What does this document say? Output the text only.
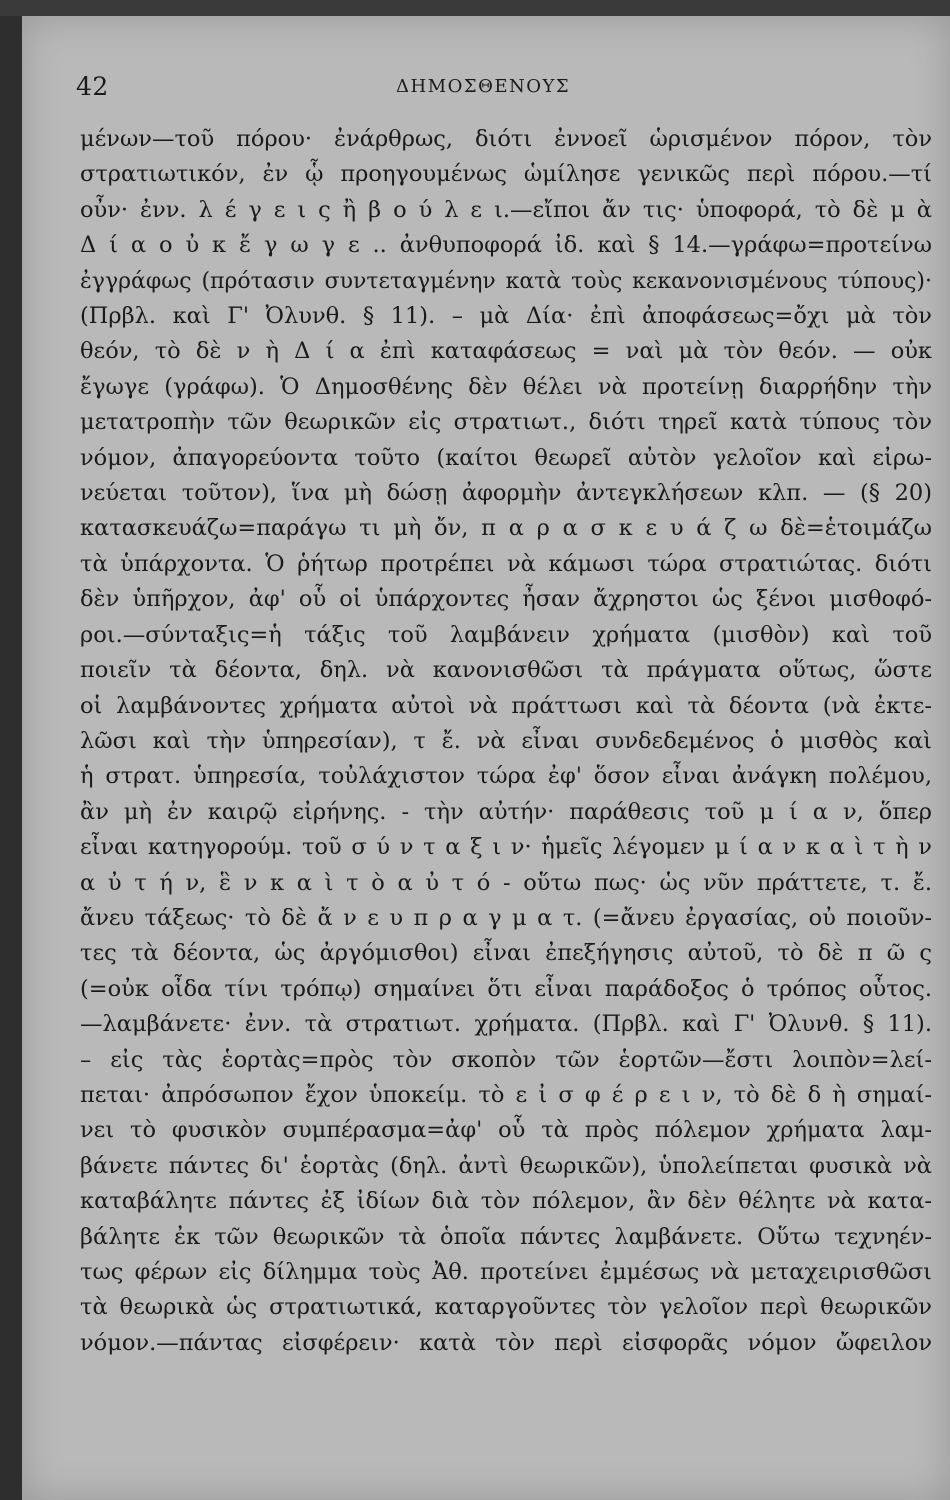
42	ΔΗΜΟΣΘΕΝΟΥΣ
μένων—τοῦ πόρου· ἐνάρθρως, διότι ἐννοεῖ ὡρισμένον πόρον, τὸν
στρατιωτικόν, ἐν ᾧ προηγουμένως ὡμίλησε γενικῶς περὶ πόρου.—τί
οὖν· ἐνν. λ έ γ ε ι ς ἢ β ο ύ λ ε ι.—εἴποι ἄν τις· ὑποφορά, τὸ δὲ μ ὰ
Δ ί α ο ὐ κ ἔ γ ω γ ε .. ἀνθυποφορά ἰδ. καὶ § 14.—γράφω=προτείνω
ἐγγράφως (πρότασιν συντεταγμένην κατὰ τοὺς κεκανονισμένους τύπους)·
(Πρβλ. καὶ Γ' Ὀλυνθ. § 11). – μὰ Δία· ἐπὶ ἀποφάσεως=ὄχι μὰ τὸν
θεόν, τὸ δὲ ν ὴ Δ ί α ἐπὶ καταφάσεως = ναὶ μὰ τὸν θεόν. — οὐκ
ἔγωγε (γράφω). Ὁ Δημοσθένης δὲν θέλει νὰ προτείνῃ διαρρήδην τὴν
μετατροπὴν τῶν θεωρικῶν εἰς στρατιωτ., διότι τηρεῖ κατὰ τύπους τὸν
νόμον, ἀπαγορεύοντα τοῦτο (καίτοι θεωρεῖ αὐτὸν γελοῖον καὶ εἰρω-
νεύεται τοῦτον), ἵνα μὴ δώσῃ ἀφορμὴν ἀντεγκλήσεων κλπ. — (§ 20)
κατασκευάζω=παράγω τι μὴ ὄν, π α ρ α σ κ ε υ ά ζ ω δὲ=ἑτοιμάζω
τὰ ὑπάρχοντα. Ὁ ῥήτωρ προτρέπει νὰ κάμωσι τώρα στρατιώτας. διότι
δὲν ὑπῆρχον, ἀφ' οὗ οἱ ὑπάρχοντες ἦσαν ἄχρηστοι ὡς ξένοι μισθοφό-
ροι.—σύνταξις=ἡ τάξις τοῦ λαμβάνειν χρήματα (μισθὸν) καὶ τοῦ
ποιεῖν τὰ δέοντα, δηλ. νὰ κανονισθῶσι τὰ πράγματα οὕτως, ὥστε
οἱ λαμβάνοντες χρήματα αὐτοὶ νὰ πράττωσι καὶ τὰ δέοντα (νὰ ἐκτε-
λῶσι καὶ τὴν ὑπηρεσίαν), τ ἔ. νὰ εἶναι συνδεδεμένος ὁ μισθὸς καὶ
ἡ στρατ. ὑπηρεσία, τοὐλάχιστον τώρα ἐφ' ὅσον εἶναι ἀνάγκη πολέμου,
ἂν μὴ ἐν καιρῷ εἰρήνης. - τὴν αὐτήν· παράθεσις τοῦ μ ί α ν, ὅπερ
εἶναι κατηγορούμ. τοῦ σ ύ ν τ α ξ ι ν· ἡμεῖς λέγομεν μ ί α ν κ α ὶ τ ὴ ν
α ὐ τ ή ν, ἓ ν κ α ὶ τ ὸ α ὐ τ ό - οὕτω πως· ὡς νῦν πράττετε, τ. ἔ.
ἄνευ τάξεως· τὸ δὲ ἄ ν ε υ π ρ α γ μ α τ. (=ἄνευ ἐργασίας, οὐ ποιοῦν-
τες τὰ δέοντα, ὡς ἀργόμισθοι) εἶναι ἐπεξήγησις αὐτοῦ, τὸ δὲ π ῶ ς
(=οὐκ οἶδα τίνι τρόπῳ) σημαίνει ὅτι εἶναι παράδοξος ὁ τρόπος οὗτος.
—λαμβάνετε· ἐνν. τὰ στρατιωτ. χρήματα. (Πρβλ. καὶ Γ' Ὀλυνθ. § 11).
– εἰς τὰς ἑορτὰς=πρὸς τὸν σκοπὸν τῶν ἑορτῶν—ἔστι λοιπὸν=λεί-
πεται· ἀπρόσωπον ἔχον ὑποκείμ. τὸ ε ἰ σ φ έ ρ ε ι ν, τὸ δὲ δ ὴ σημαί-
νει τὸ φυσικὸν συμπέρασμα=ἀφ' οὗ τὰ πρὸς πόλεμον χρήματα λαμ-
βάνετε πάντες δι' ἑορτὰς (δηλ. ἀντὶ θεωρικῶν), ὑπολείπεται φυσικὰ νὰ
καταβάλητε πάντες ἐξ ἰδίων διὰ τὸν πόλεμον, ἂν δὲν θέλητε νὰ κατα-
βάλητε ἐκ τῶν θεωρικῶν τὰ ὁποῖα πάντες λαμβάνετε. Οὕτω τεχνηέν-
τως φέρων εἰς δίλημμα τοὺς Ἀθ. προτείνει ἐμμέσως νὰ μεταχειρισθῶσι
τὰ θεωρικὰ ὡς στρατιωτικά, καταργοῦντες τὸν γελοῖον περὶ θεωρικῶν
νόμον.—πάντας εἰσφέρειν· κατὰ τὸν περὶ εἰσφορᾶς νόμον ὤφειλον
